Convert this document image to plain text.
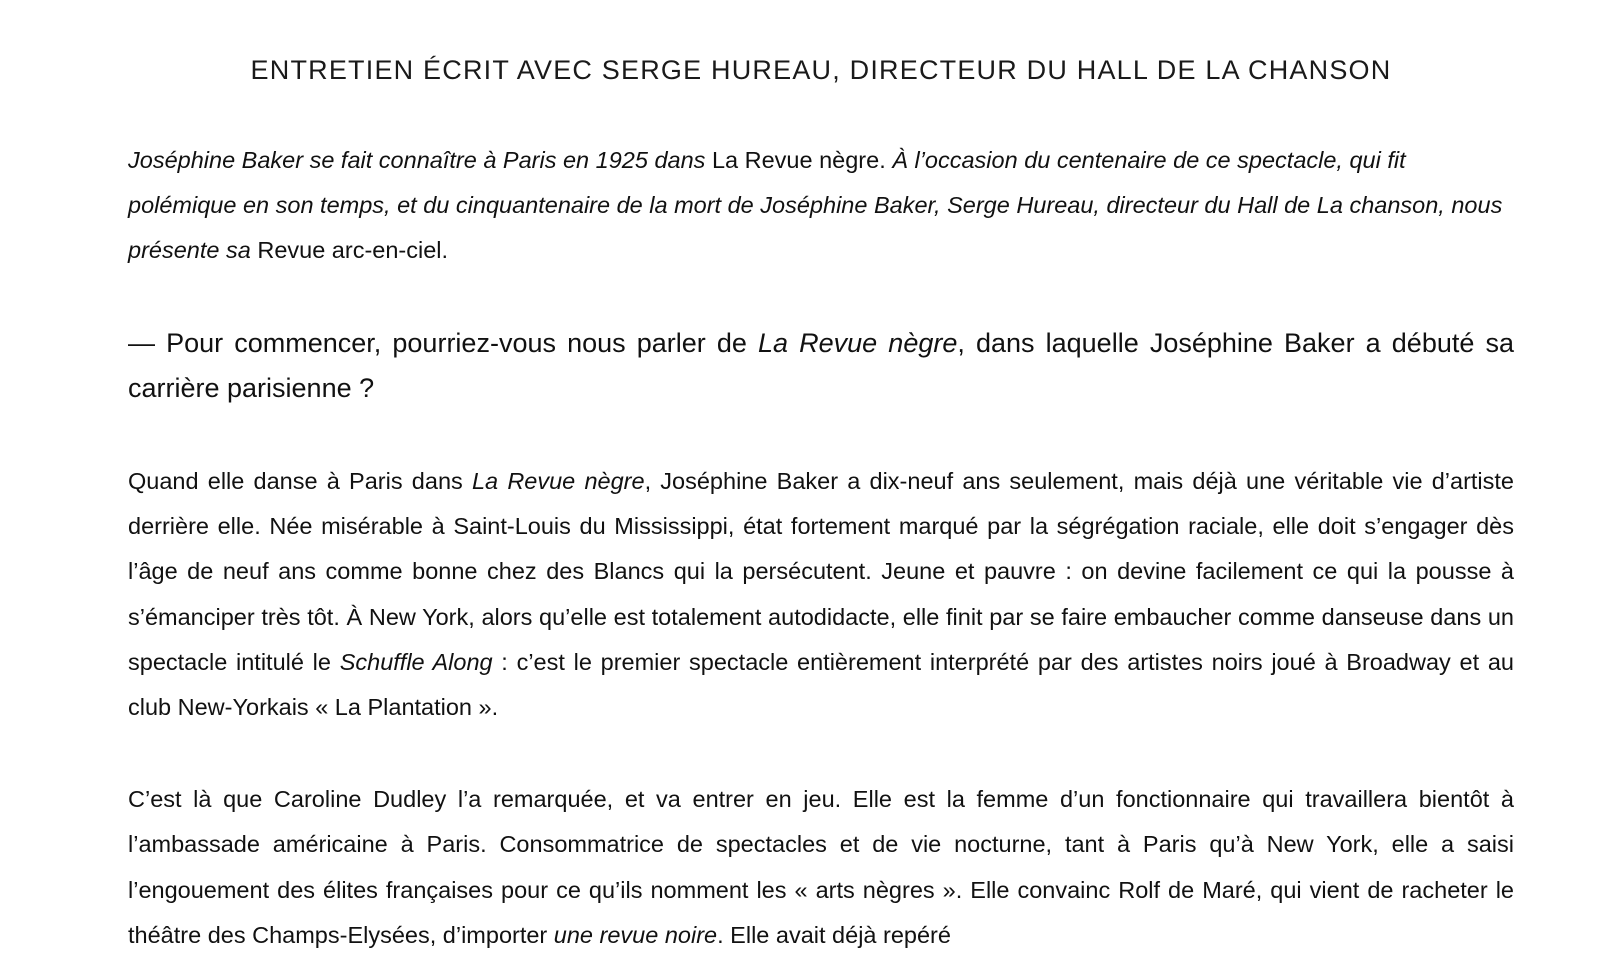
ENTRETIEN ÉCRIT AVEC SERGE HUREAU, DIRECTEUR DU HALL DE LA CHANSON

Joséphine Baker se fait connaître à Paris en 1925 dans La Revue nègre. À l’occasion du centenaire de ce spectacle, qui fit polémique en son temps, et du cinquantenaire de la mort de Joséphine Baker, Serge Hureau, directeur du Hall de La chanson, nous présente sa Revue arc-en-ciel.

— Pour commencer, pourriez-vous nous parler de La Revue nègre, dans laquelle Joséphine Baker a débuté sa carrière parisienne ?

Quand elle danse à Paris dans La Revue nègre, Joséphine Baker a dix-neuf ans seulement, mais déjà une véritable vie d’artiste derrière elle. Née misérable à Saint-Louis du Mississippi, état fortement marqué par la ségrégation raciale, elle doit s’engager dès l’âge de neuf ans comme bonne chez des Blancs qui la persécutent. Jeune et pauvre : on devine facilement ce qui la pousse à s’émanciper très tôt. À New York, alors qu’elle est totalement autodidacte, elle finit par se faire embaucher comme danseuse dans un spectacle intitulé le Schuffle Along : c’est le premier spectacle entièrement interprété par des artistes noirs joué à Broadway et au club New-Yorkais « La Plantation ».

C’est là que Caroline Dudley l’a remarquée, et va entrer en jeu. Elle est la femme d’un fonctionnaire qui travaillera bientôt à l’ambassade américaine à Paris. Consommatrice de spectacles et de vie nocturne, tant à Paris qu’à New York, elle a saisi l’engouement des élites françaises pour ce qu’ils nomment les « arts nègres ». Elle convainc Rolf de Maré, qui vient de racheter le théâtre des Champs-Elysées, d’importer une revue noire. Elle avait déjà repéré
